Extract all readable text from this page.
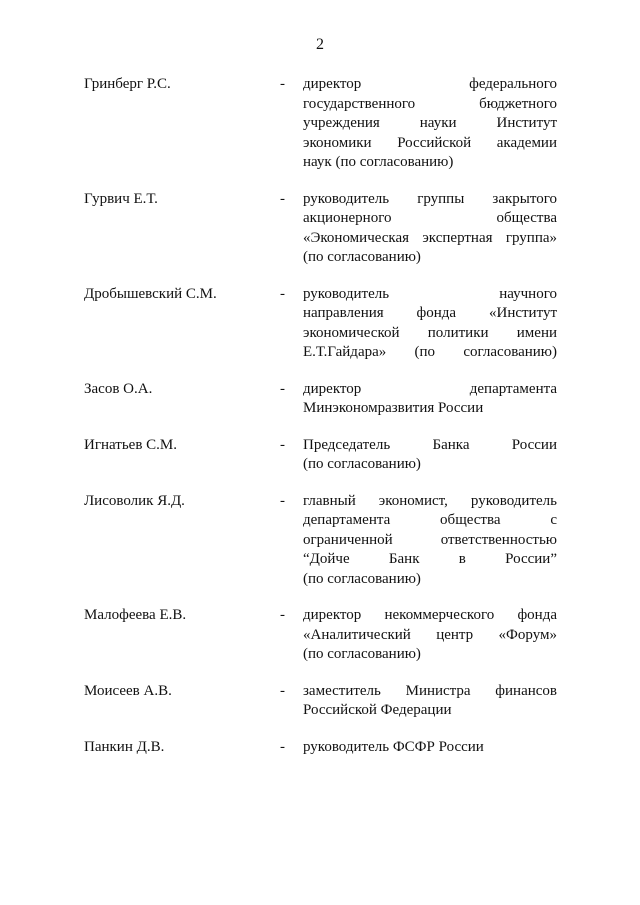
2
Гринберг Р.С.	- директор федерального
государственного бюджетного
учреждения науки Институт
экономики Российской академии
наук (по согласованию)
Гурвич Е.Т.	- руководитель группы закрытого
акционерного общества
«Экономическая экспертная группа»
(по согласованию)
Дробышевский С.М.	- руководитель научного
направления фонда «Институт
экономической политики имени
Е.Т.Гайдара» (по согласованию)
Засов О.А.	- директор департамента
Минэкономразвития России
Игнатьев С.М.	- Председатель Банка России
(по согласованию)
Лисоволик Я.Д.	- главный экономист, руководитель
департамента общества с
ограниченной ответственностью
“Дойче Банк в России”
(по согласованию)
Малофеева Е.В.	- директор некоммерческого фонда
«Аналитический центр «Форум»
(по согласованию)
Моисеев А.В.	- заместитель Министра финансов
Российской Федерации
Панкин Д.В.	- руководитель ФСФР России
